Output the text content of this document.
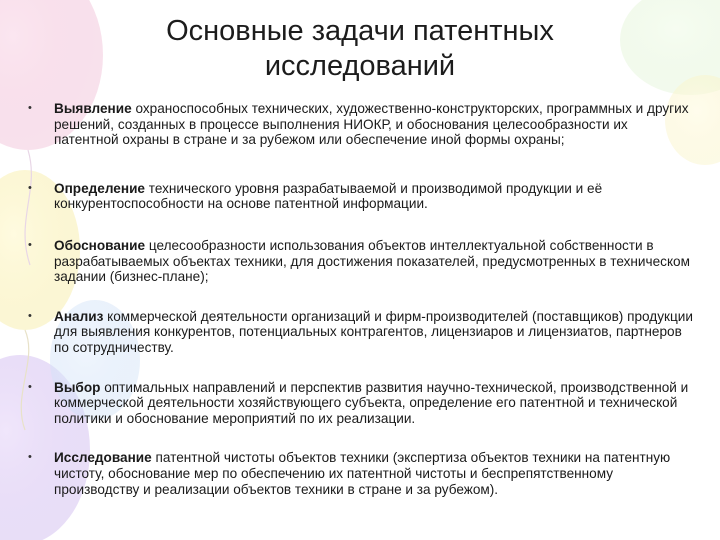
Основные задачи патентных
исследований
•	Выявление охраноспособных технических, художественно-конструкторских, программных и других решений, созданных в процессе выполнения НИОКР, и обоснования целесообразности их патентной охраны в стране и за рубежом или обеспечение иной формы охраны;
•	Определение технического уровня разрабатываемой и производимой продукции и её конкурентоспособности на основе патентной информации.
•	Обоснование целесообразности использования объектов интеллектуальной собственности в разрабатываемых объектах техники, для достижения показателей, предусмотренных в техническом задании (бизнес-плане);
•	Анализ коммерческой деятельности организаций и фирм-производителей (поставщиков) продукции для выявления конкурентов, потенциальных контрагентов, лицензиаров и лицензиатов, партнеров по сотрудничеству.
•	Выбор оптимальных направлений и перспектив развития научно-технической, производственной и коммерческой деятельности хозяйствующего субъекта, определение его патентной и технической политики и обоснование мероприятий по их реализации.
•	Исследование патентной чистоты объектов техники (экспертиза объектов техники на патентную чистоту, обоснование мер по обеспечению их патентной чистоты и беспрепятственному производству и реализации объектов техники в стране и за рубежом).
